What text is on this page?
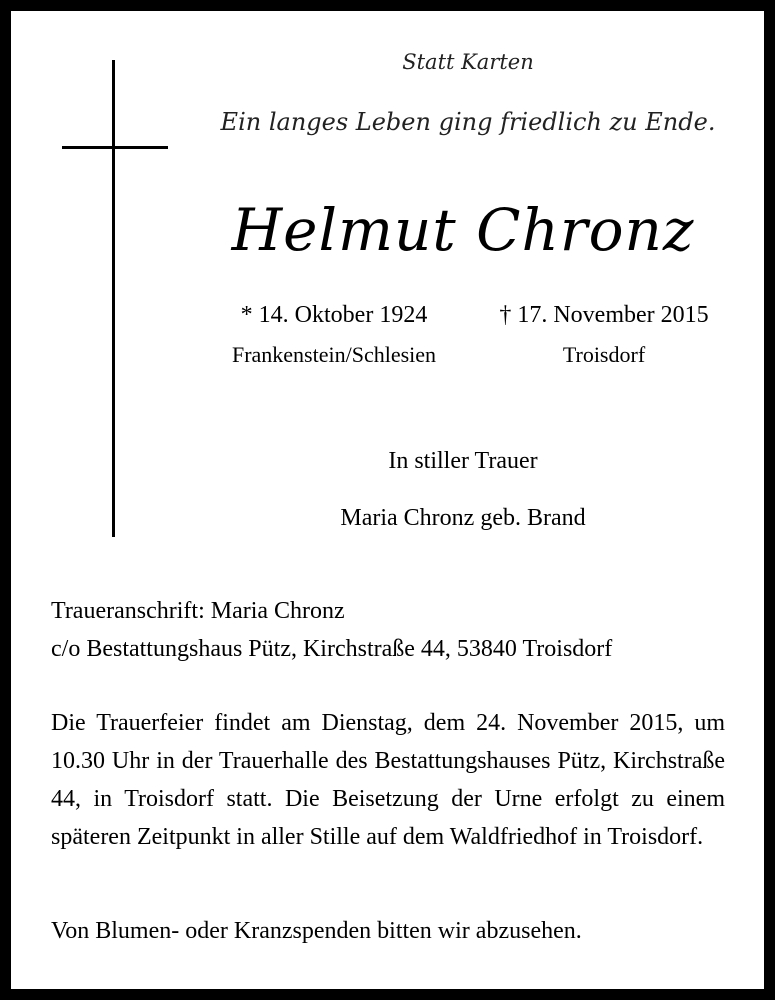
Statt Karten
Ein langes Leben ging friedlich zu Ende.
Helmut Chronz
* 14. Oktober 1924
Frankenstein/Schlesien
† 17. November 2015
Troisdorf
In stiller Trauer
Maria Chronz geb. Brand
Traueranschrift: Maria Chronz
c/o Bestattungshaus Pütz, Kirchstraße 44, 53840 Troisdorf
Die Trauerfeier findet am Dienstag, dem 24. November 2015, um 10.30 Uhr in der Trauerhalle des Bestattungshauses Pütz, Kirchstraße 44, in Troisdorf statt. Die Beisetzung der Urne erfolgt zu einem späteren Zeitpunkt in aller Stille auf dem Waldfriedhof in Troisdorf.
Von Blumen- oder Kranzspenden bitten wir abzusehen.
